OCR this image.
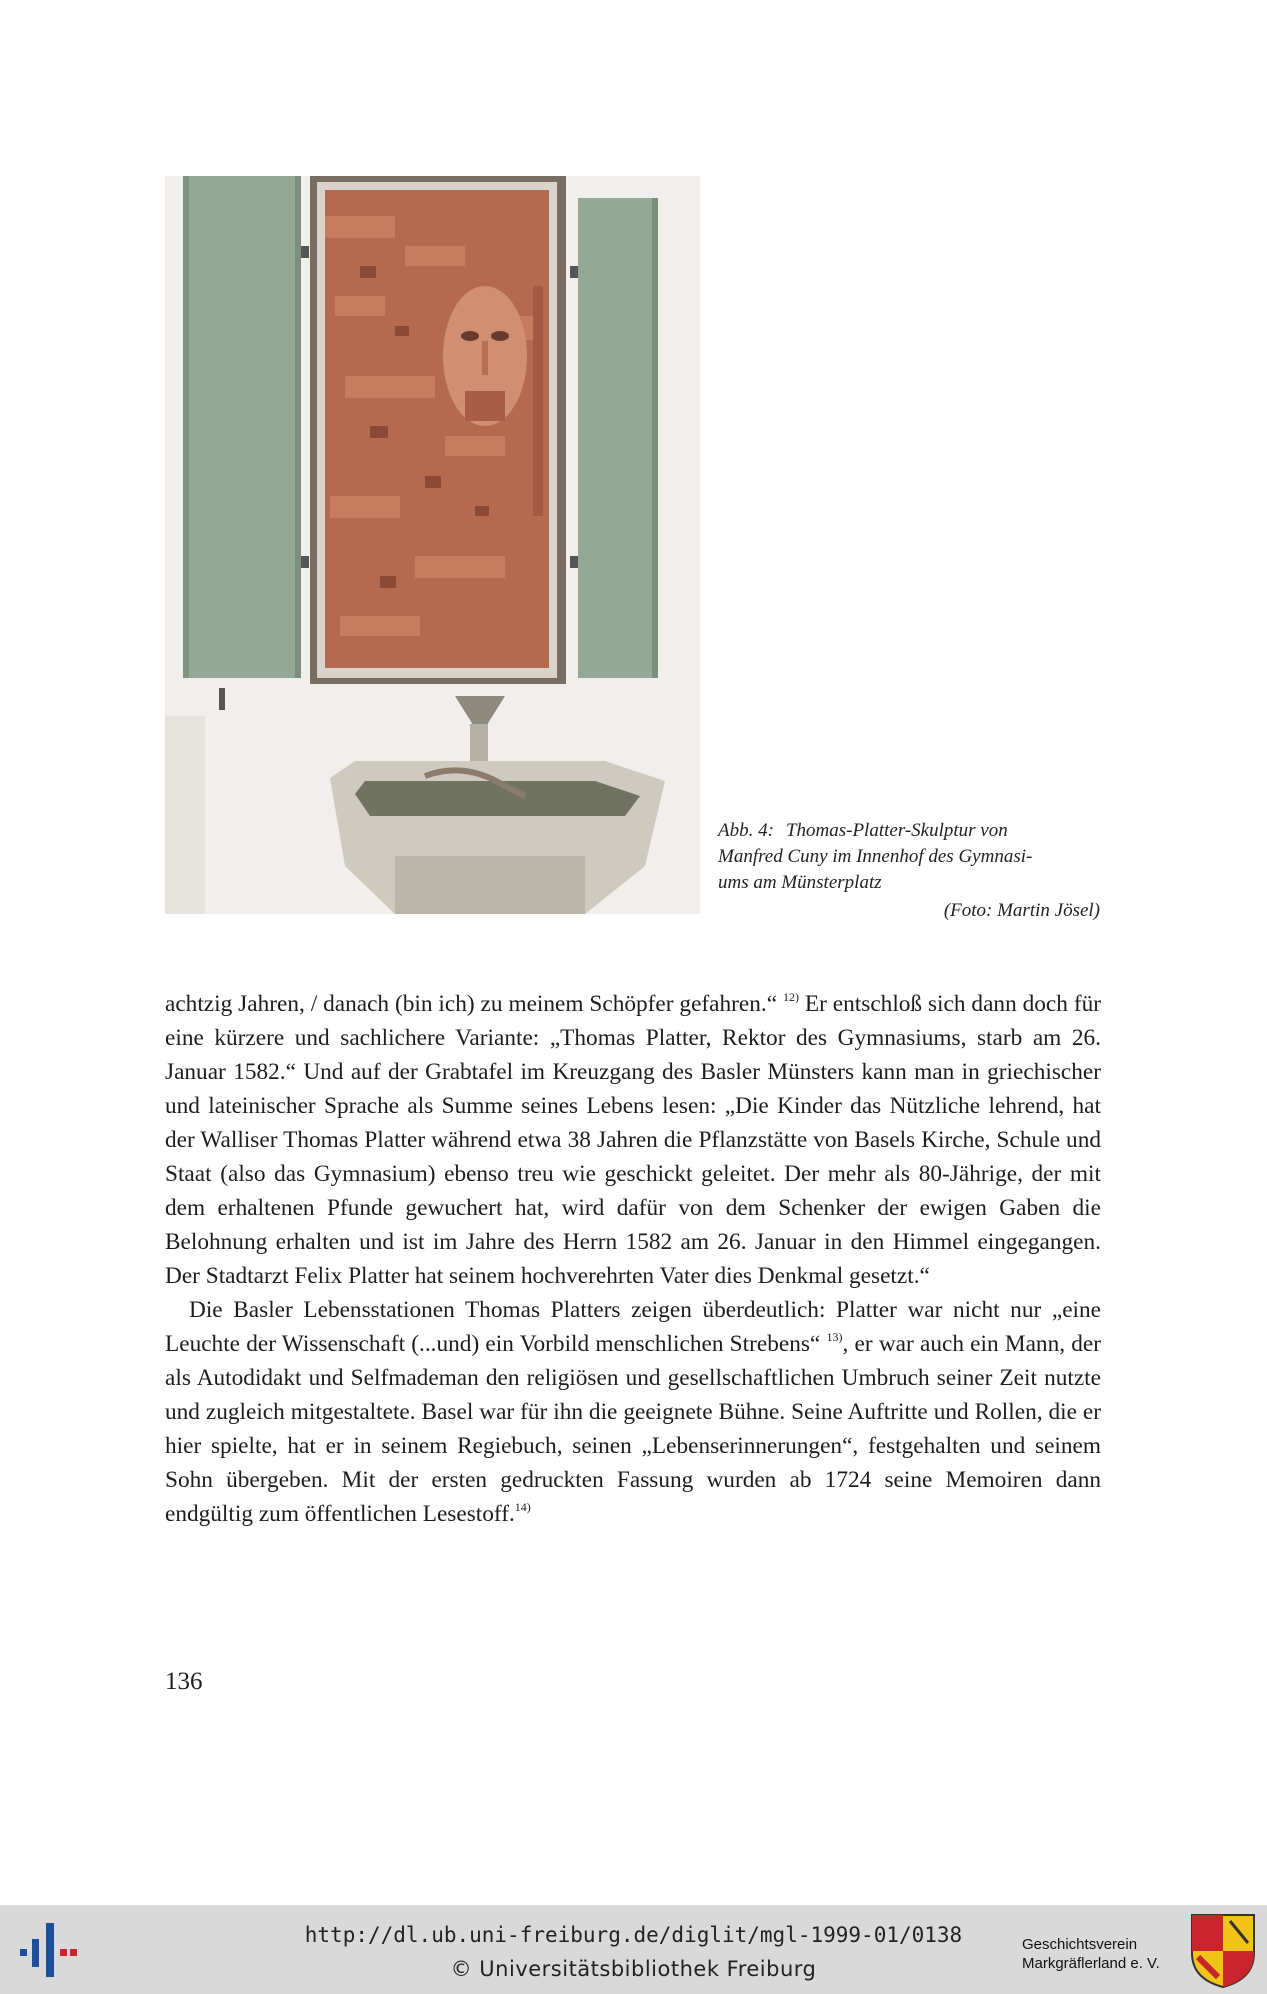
Abb. 4: Thomas-Platter-Skulptur von
Manfred Cuny im Innenhof des Gymnasi-
ums am Münsterplatz
(Foto: Martin Jösel)

achtzig Jahren, / danach (bin ich) zu meinem Schöpfer gefahren.“ $^{12)}$ Er entschloß sich dann doch für eine kürzere und sachlichere Variante: „Thomas Platter, Rektor des Gymnasiums, starb am 26. Januar 1582.“ Und auf der Grabtafel im Kreuzgang des Basler Münsters kann man in griechischer und lateinischer Sprache als Summe seines Lebens lesen: „Die Kinder das Nützliche lehrend, hat der Walliser Thomas Platter während etwa 38 Jahren die Pflanzstätte von Basels Kirche, Schule und Staat (also das Gymnasium) ebenso treu wie geschickt geleitet. Der mehr als 80-Jährige, der mit dem erhaltenen Pfunde gewuchert hat, wird dafür von dem Schenker der ewigen Gaben die Belohnung erhalten und ist im Jahre des Herrn 1582 am 26. Januar in den Himmel eingegangen. Der Stadtarzt Felix Platter hat seinem hochverehrten Vater dies Denkmal gesetzt.“

Die Basler Lebensstationen Thomas Platters zeigen überdeutlich: Platter war nicht nur „eine Leuchte der Wissenschaft (...und) ein Vorbild menschlichen Strebens“ $^{13)}$, er war auch ein Mann, der als Autodidakt und Selfmademan den religiösen und gesellschaftlichen Umbruch seiner Zeit nutzte und zugleich mitgestaltete. Basel war für ihn die geeignete Bühne. Seine Auftritte und Rollen, die er hier spielte, hat er in seinem Regiebuch, seinen „Lebenserinnerungen“, festgehalten und seinem Sohn übergeben. Mit der ersten gedruckten Fassung wurden ab 1724 seine Memoiren dann endgültig zum öffentlichen Lesestoff.$^{14)}$

136
http://dl.ub.uni-freiburg.de/diglit/mgl-1999-01/0138
© Universitätsbibliothek Freiburg
Geschichtsverein
Markgräflerland e. V.
